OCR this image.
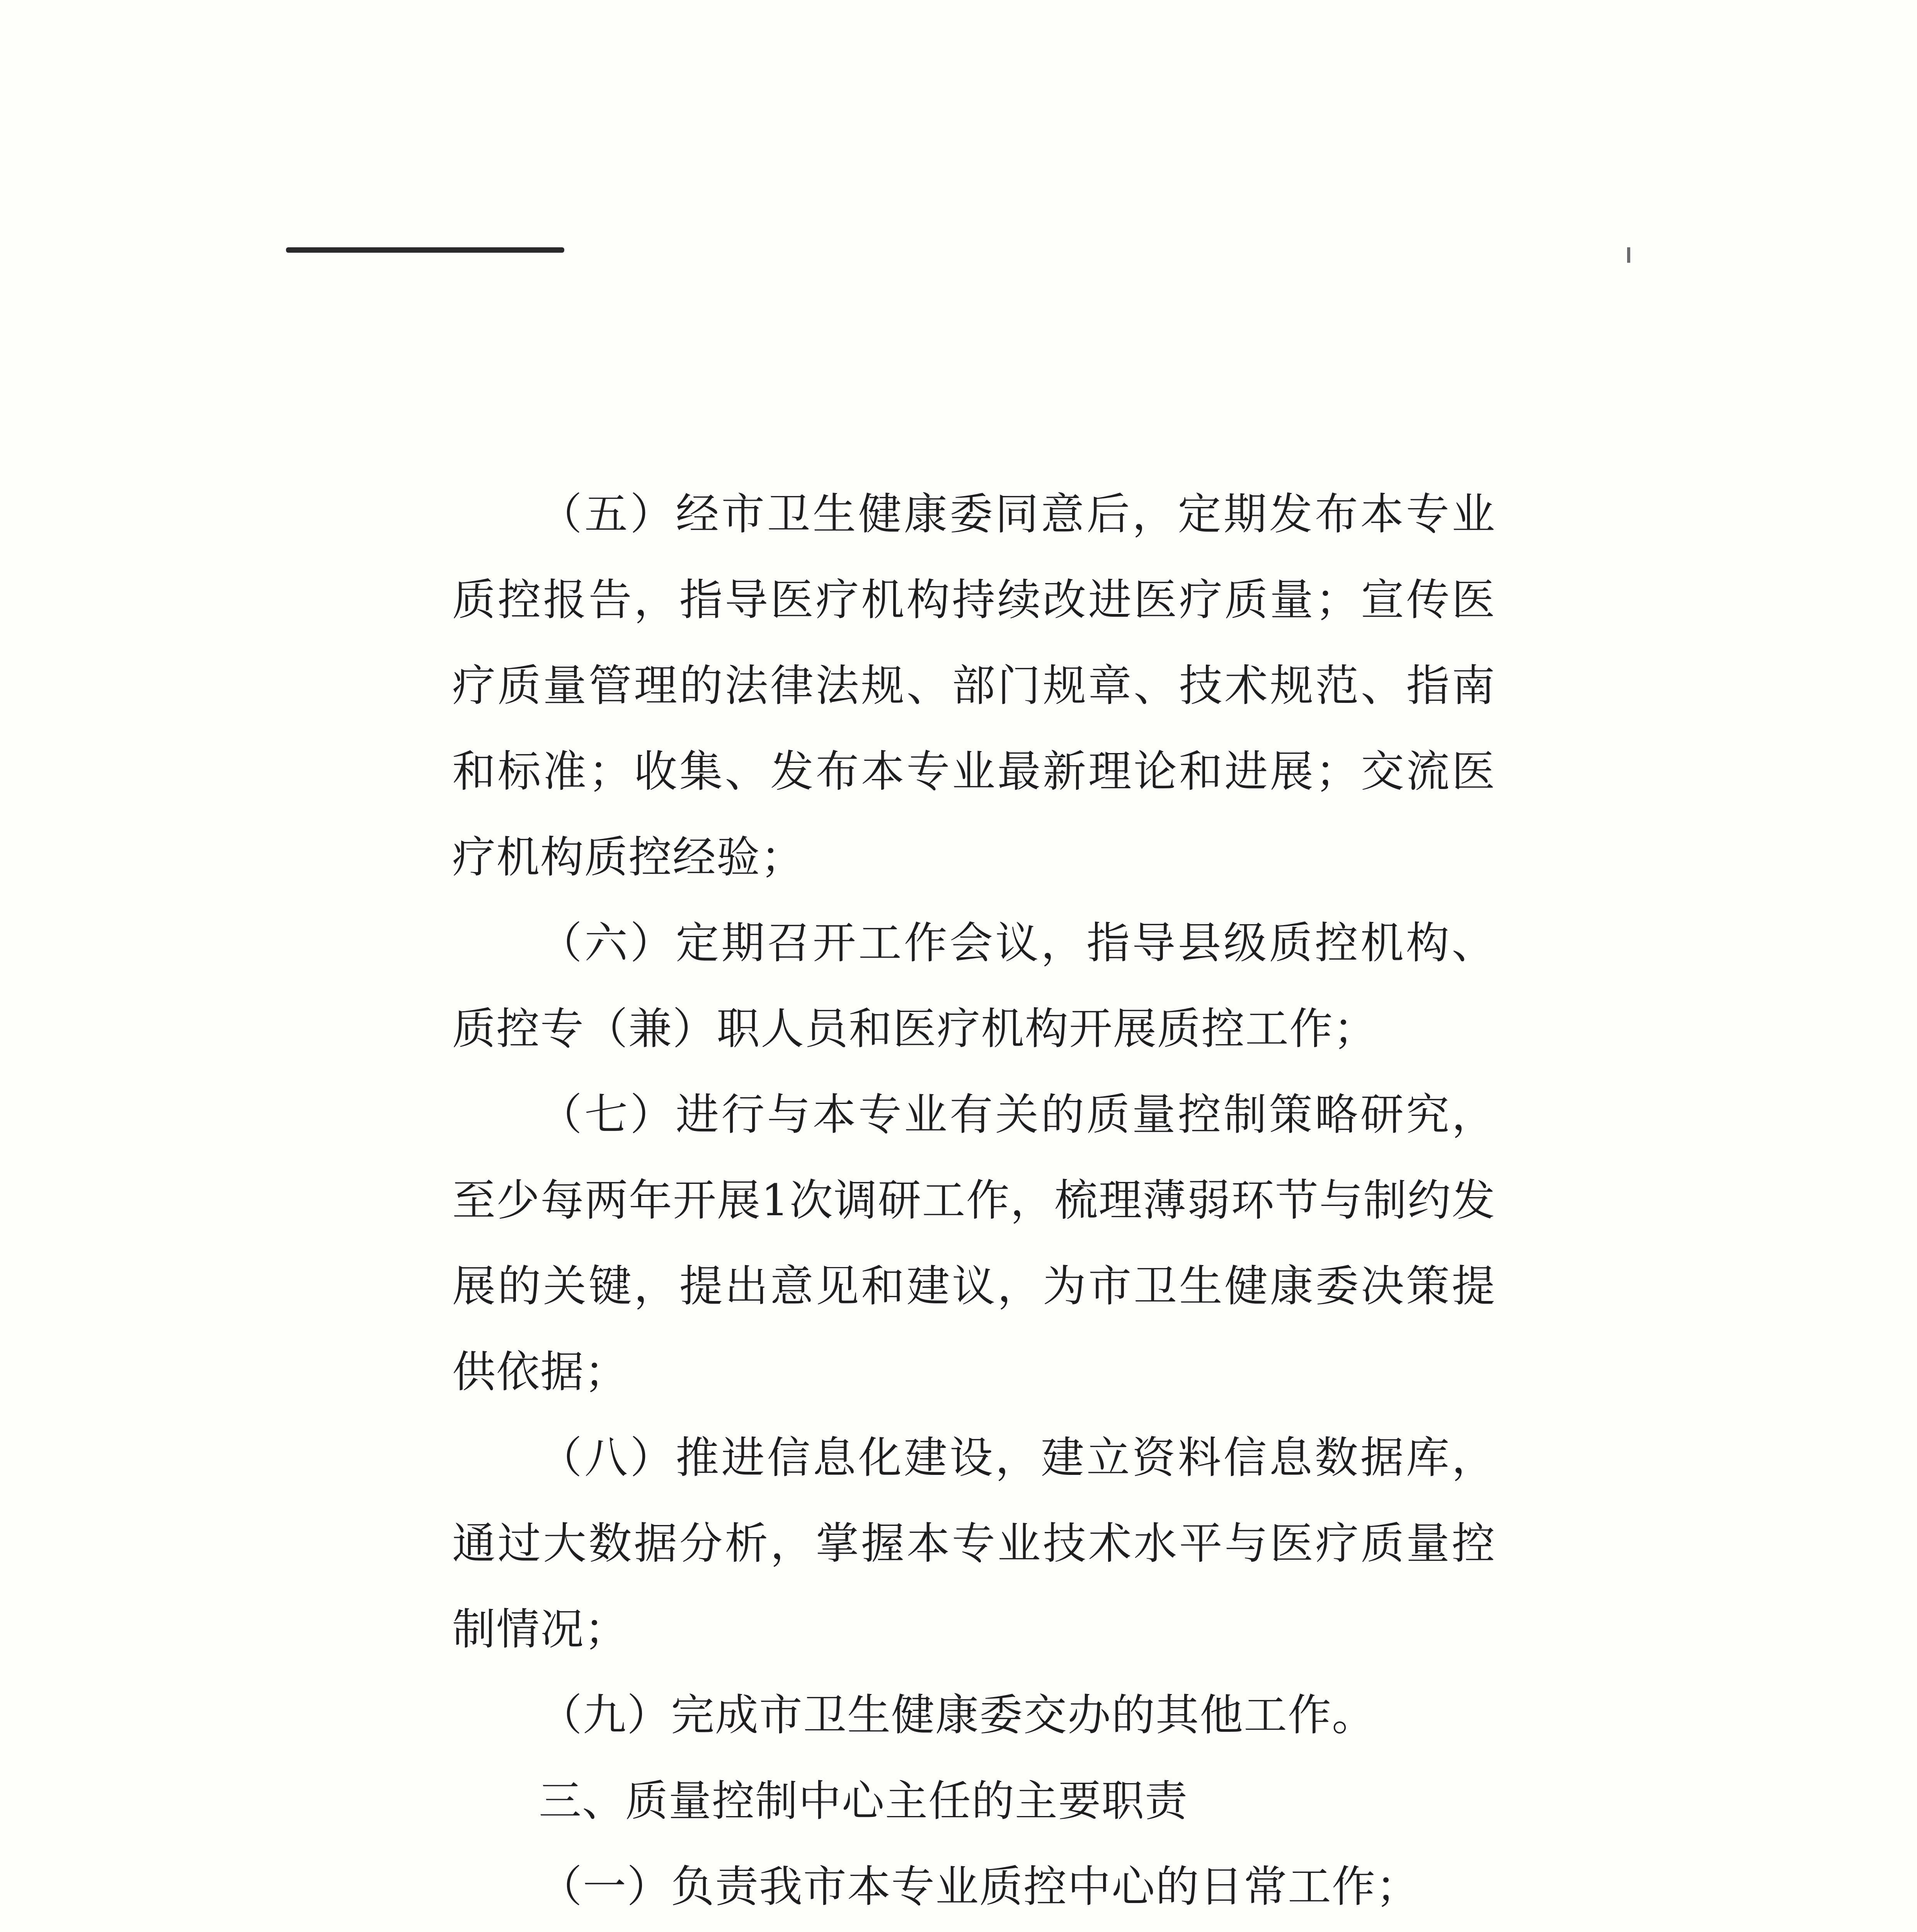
（五）经市卫生健康委同意后，定期发布本专业质控报告，指导医疗机构持续改进医疗质量；宣传医疗质量管理的法律法规、部门规章、技术规范、指南和标准；收集、发布本专业最新理论和进展；交流医疗机构质控经验；

（六）定期召开工作会议，指导县级质控机构、质控专（兼）职人员和医疗机构开展质控工作；

（七）进行与本专业有关的质量控制策略研究，至少每两年开展1次调研工作，梳理薄弱环节与制约发展的关键，提出意见和建议，为市卫生健康委决策提供依据；

（八）推进信息化建设，建立资料信息数据库，通过大数据分析，掌握本专业技术水平与医疗质量控制情况；

（九）完成市卫生健康委交办的其他工作。

三、质量控制中心主任的主要职责

（一）负责我市本专业质控中心的日常工作；
